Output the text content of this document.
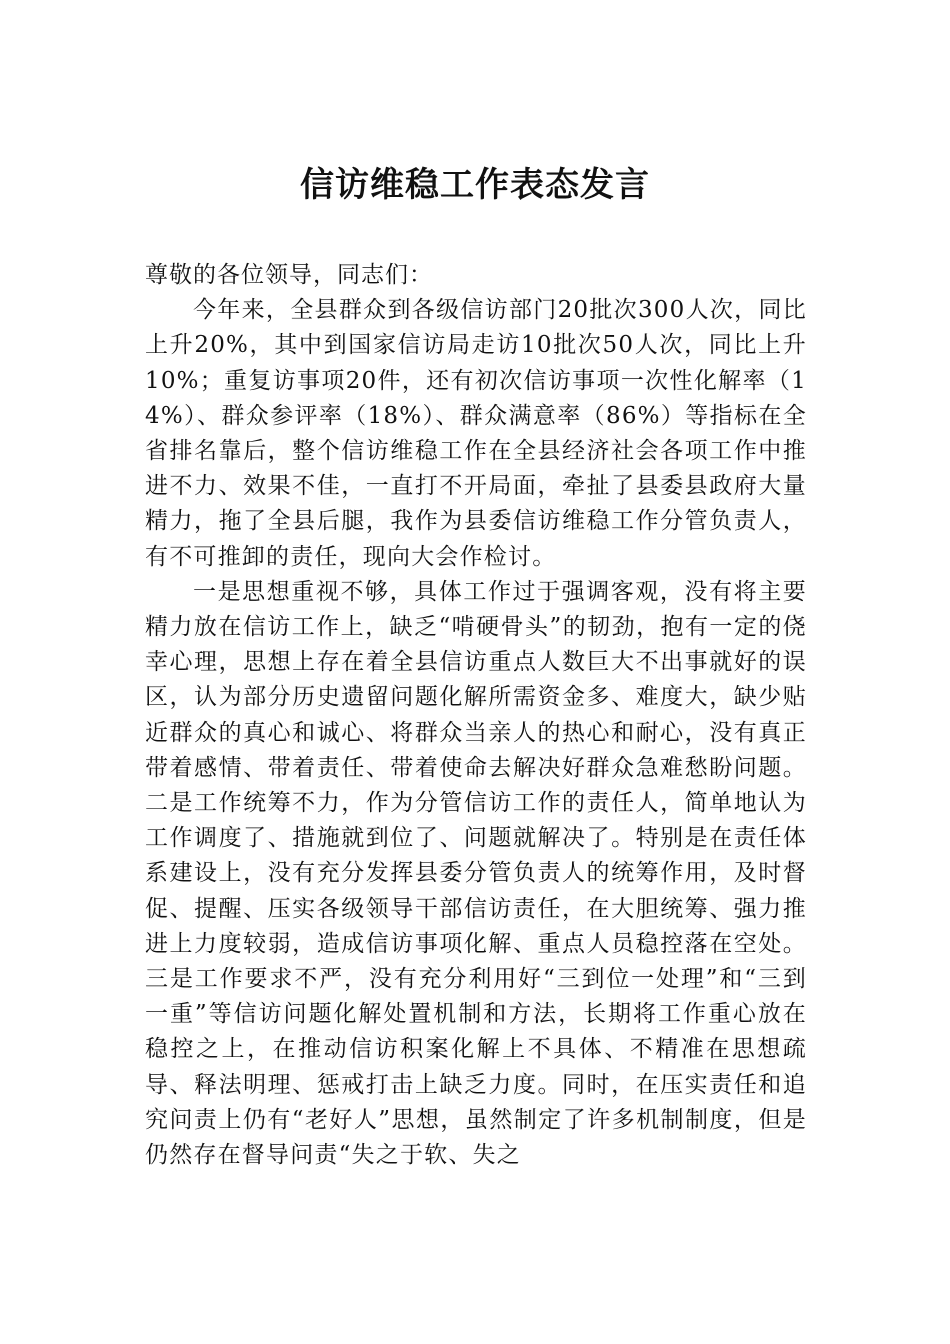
信访维稳工作表态发言

尊敬的各位领导，同志们：

今年来，全县群众到各级信访部门20批次300人次，同比上升20%，其中到国家信访局走访10批次50人次，同比上升10%；重复访事项20件，还有初次信访事项一次性化解率（14%）、群众参评率（18%）、群众满意率（86%）等指标在全省排名靠后，整个信访维稳工作在全县经济社会各项工作中推进不力、效果不佳，一直打不开局面，牵扯了县委县政府大量精力，拖了全县后腿，我作为县委信访维稳工作分管负责人，有不可推卸的责任，现向大会作检讨。

一是思想重视不够，具体工作过于强调客观，没有将主要精力放在信访工作上，缺乏“啃硬骨头”的韧劲，抱有一定的侥幸心理，思想上存在着全县信访重点人数巨大不出事就好的误区，认为部分历史遗留问题化解所需资金多、难度大，缺少贴近群众的真心和诚心、将群众当亲人的热心和耐心，没有真正带着感情、带着责任、带着使命去解决好群众急难愁盼问题。二是工作统筹不力，作为分管信访工作的责任人，简单地认为工作调度了、措施就到位了、问题就解决了。特别是在责任体系建设上，没有充分发挥县委分管负责人的统筹作用，及时督促、提醒、压实各级领导干部信访责任，在大胆统筹、强力推进上力度较弱，造成信访事项化解、重点人员稳控落在空处。三是工作要求不严，没有充分利用好“三到位一处理”和“三到一重”等信访问题化解处置机制和方法，长期将工作重心放在稳控之上，在推动信访积案化解上不具体、不精准在思想疏导、释法明理、惩戒打击上缺乏力度。同时，在压实责任和追究问责上仍有“老好人”思想，虽然制定了许多机制制度，但是仍然存在督导问责“失之于软、失之
